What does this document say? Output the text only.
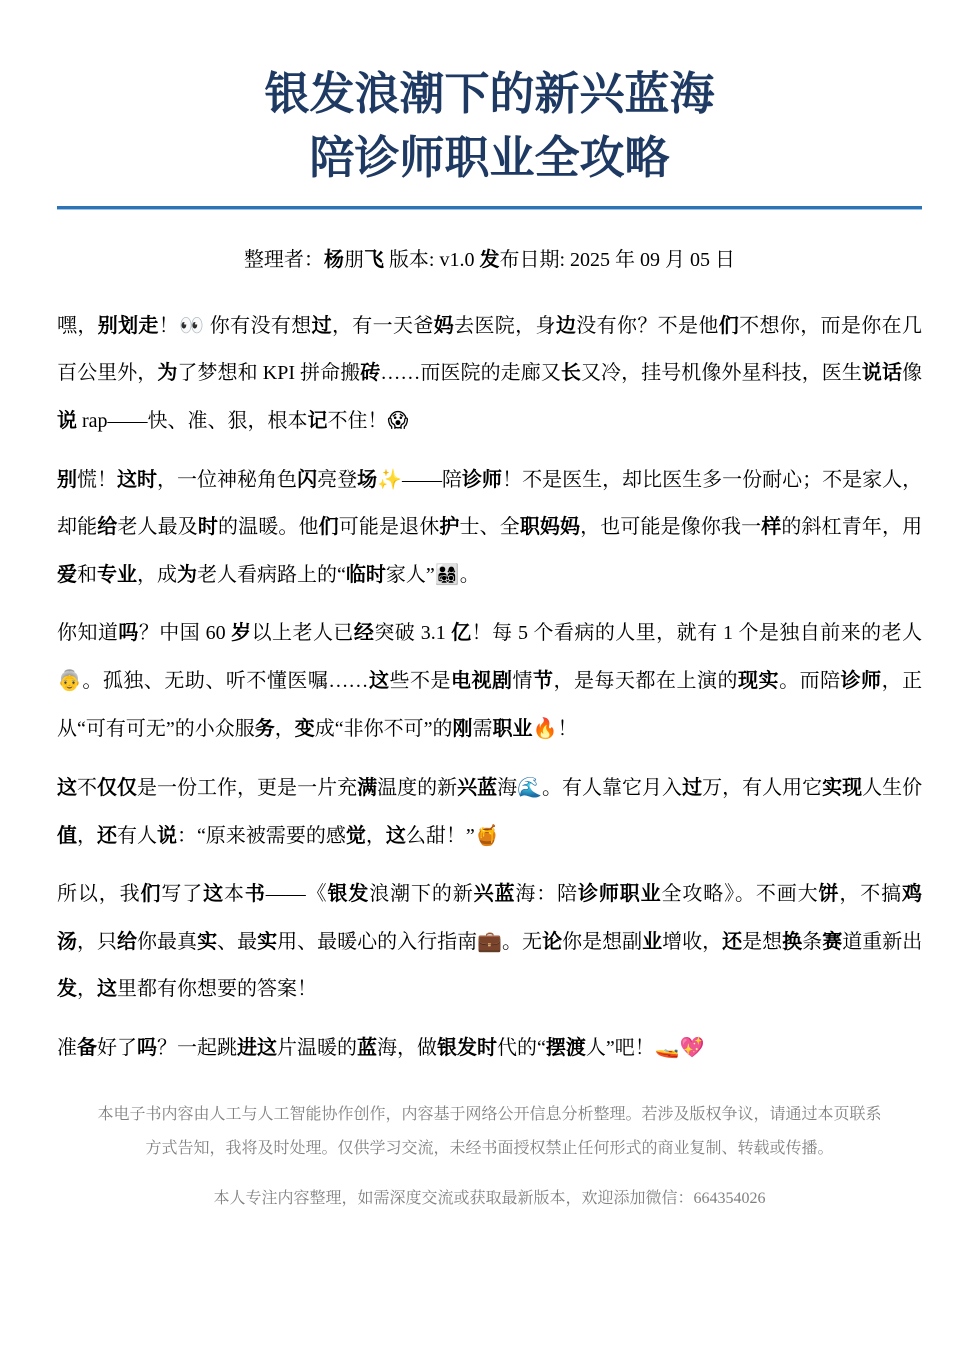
银发浪潮下的新兴蓝海
陪诊师职业全攻略

整理者：杨朋飞 版本: v1.0 发布日期: 2025 年 09 月 05 日

嘿，别划走！👀 你有没有想过，有一天爸妈去医院，身边没有你？不是他们不想你，而是你在几百公里外，为了梦想和 KPI 拼命搬砖……而医院的走廊又长又冷，挂号机像外星科技，医生说话像说 rap——快、准、狠，根本记不住！😱

别慌！这时，一位神秘角色闪亮登场✨——陪诊师！不是医生，却比医生多一份耐心；不是家人，却能给老人最及时的温暖。他们可能是退休护士、全职妈妈，也可能是像你我一样的斜杠青年，用爱和专业，成为老人看病路上的“临时家人”👨‍👩‍👧‍👦。

你知道吗？中国 60 岁以上老人已经突破 3.1 亿！每 5 个看病的人里，就有 1 个是独自前来的老人👵。孤独、无助、听不懂医嘱……这些不是电视剧情节，是每天都在上演的现实。而陪诊师，正从“可有可无”的小众服务，变成“非你不可”的刚需职业🔥！

这不仅仅是一份工作，更是一片充满温度的新兴蓝海🌊。有人靠它月入过万，有人用它实现人生价值，还有人说：“原来被需要的感觉，这么甜！”🍯

所以，我们写了这本书——《银发浪潮下的新兴蓝海：陪诊师职业全攻略》。不画大饼，不搞鸡汤，只给你最真实、最实用、最暖心的入行指南💼。无论你是想副业增收，还是想换条赛道重新出发，这里都有你想要的答案！

准备好了吗？一起跳进这片温暖的蓝海，做银发时代的“摆渡人”吧！🚤💖

本电子书内容由人工与人工智能协作创作，内容基于网络公开信息分析整理。若涉及版权争议，请通过本页联系方式告知，我将及时处理。仅供学习交流，未经书面授权禁止任何形式的商业复制、转载或传播。

本人专注内容整理，如需深度交流或获取最新版本，欢迎添加微信：664354026
